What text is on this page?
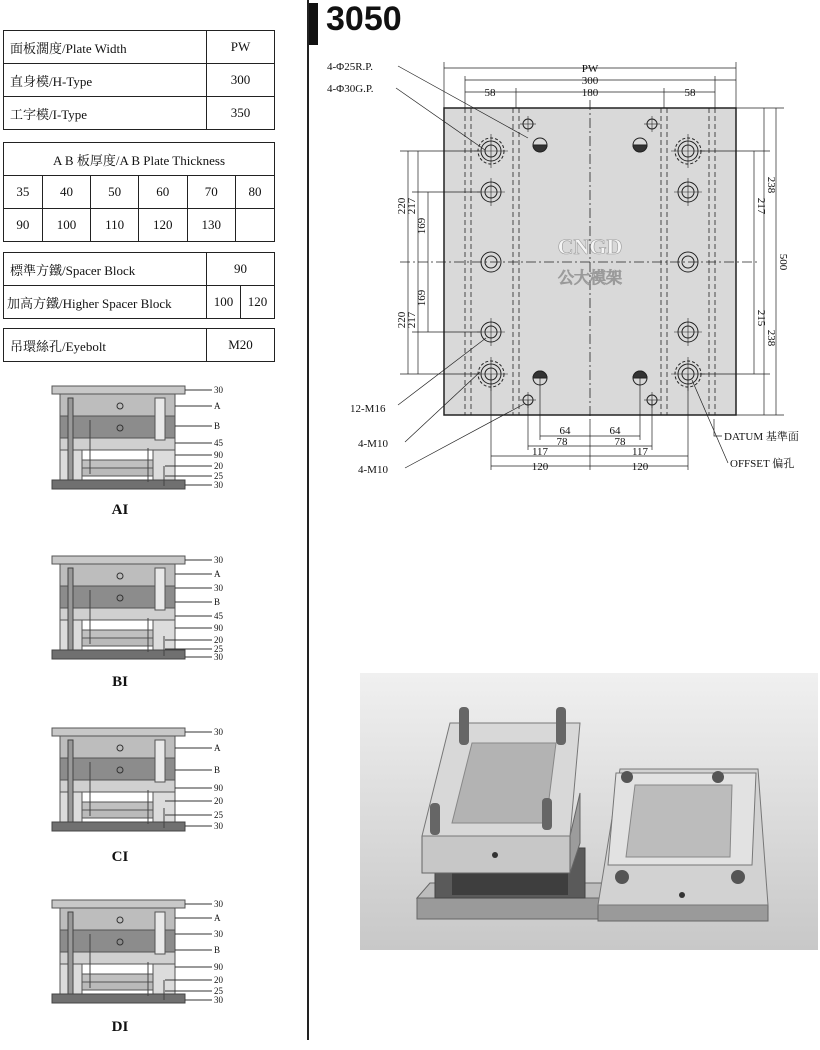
面板濶度/Plate Width	PW
直身模/H-Type	300
工字模/I-Type	350
A B 板厚度/A B Plate Thickness					
35	40	50	60	70	80
90	100	110	120	130	
標準方鐵/Spacer Block	90	
加高方鐵/Higher Spacer Block	100	120
吊環絲孔/Eyebolt	M20
30
A
B
45
90
20
25
30
30
A
30
B
45
90
20
25
30
30
A
B
90
20
25
30
30
A
30
B
90
20
25
30
AI
BI
CI
DI
3050
CNGD
公大模架
PW
300
180
58	58
220
217
169
220
217
169
217
238
500
215
238
64	64
78	78
117	117
120	120
4-Φ25R.P.
4-Φ30G.P.
12-M16
4-M10
4-M10
DATUM 基準面
OFFSET 偏孔
